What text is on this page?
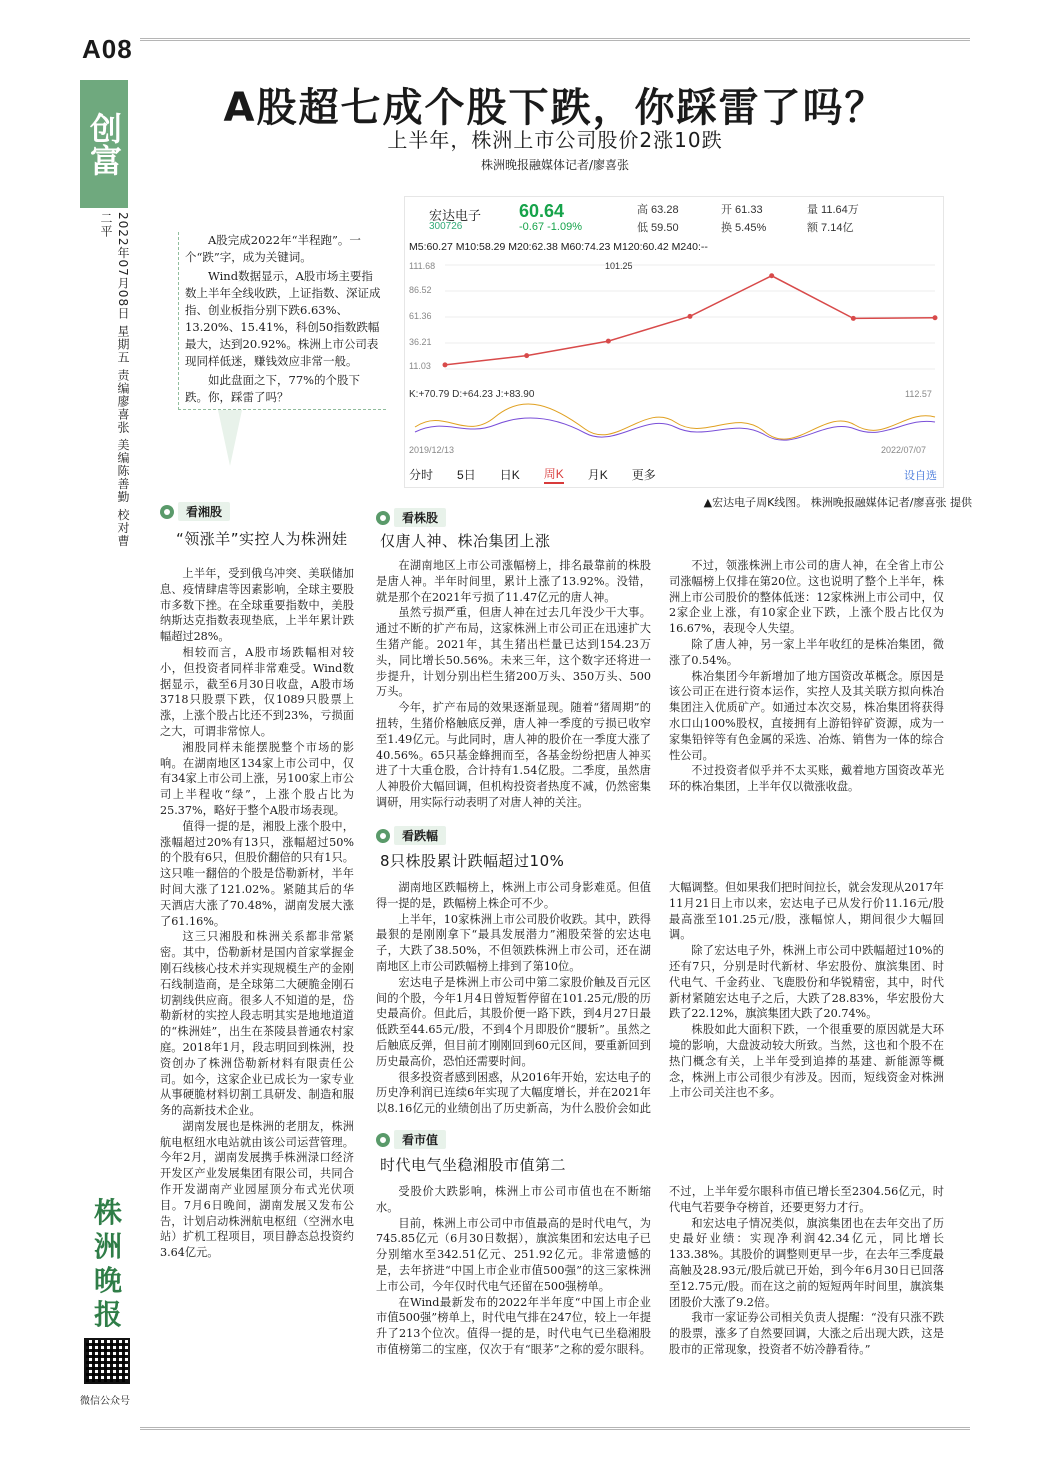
A08
创富
2022年07月08日 星期五 责编廖喜张 美编陈善勤 校对曹二平
A股超七成个股下跌，你踩雷了吗？
上半年，株洲上市公司股价2涨10跌
株洲晚报融媒体记者/廖喜张

A股完成2022年“半程跑”。一个“跌”字，成为关键词。

Wind数据显示，A股市场主要指数上半年全线收跌，上证指数、深证成指、创业板指分别下跌6.63%、13.20%、15.41%，科创50指数跌幅最大，达到20.92%。株洲上市公司表现同样低迷，赚钱效应非常一般。

如此盘面之下，77%的个股下跌。你，踩雷了吗？

宏达电子
300726
60.64
-0.67 -1.09%
高 63.28
低 59.50
开 61.33
换 5.45%
量 11.64万
额 7.14亿
M5:60.27 M10:58.29 M20:62.38 M60:74.23 M120:60.42 M240:--
111.68	101.25
86.52
61.36
36.21
11.03
K:+70.79 D:+64.23 J:+83.90	112.57
2019/12/13	2022/07/07
分时 5日 日K 周K 月K 更多	设自选
▲宏达电子周K线图。 株洲晚报融媒体记者/廖喜张 提供
看湘股
“领涨羊”实控人为株洲娃

上半年，受到俄乌冲突、美联储加息、疫情肆虐等因素影响，全球主要股市多数下挫。在全球重要指数中，美股纳斯达克指数表现垫底，上半年累计跌幅超过28%。

相较而言，A股市场跌幅相对较小，但投资者同样非常难受。Wind数据显示，截至6月30日收盘，A股市场3718只股票下跌，仅1089只股票上涨，上涨个股占比还不到23%，亏损面之大，可谓非常惊人。

湘股同样未能摆脱整个市场的影响。在湖南地区134家上市公司中，仅有34家上市公司上涨，另100家上市公司上半程收“绿”，上涨个股占比为25.37%，略好于整个A股市场表现。

值得一提的是，湘股上涨个股中，涨幅超过20%有13只，涨幅超过50%的个股有6只，但股价翻倍的只有1只。这只唯一翻倍的个股是岱勒新材，半年时间大涨了121.02%。紧随其后的华天酒店大涨了70.48%，湖南发展大涨了61.16%。

这三只湘股和株洲关系都非常紧密。其中，岱勒新材是国内首家掌握金刚石线核心技术并实现规模生产的金刚石线制造商，是全球第二大硬脆金刚石切割线供应商。很多人不知道的是，岱勒新材的实控人段志明其实是地地道道的“株洲娃”，出生在茶陵县普通农村家庭。2018年1月，段志明回到株洲，投资创办了株洲岱勒新材料有限责任公司。如今，这家企业已成长为一家专业从事硬脆材料切割工具研发、制造和服务的高新技术企业。

湖南发展也是株洲的老朋友，株洲航电枢纽水电站就由该公司运营管理。今年2月，湖南发展携手株洲渌口经济开发区产业发展集团有限公司，共同合作开发湖南产业园屋顶分布式光伏项目。7月6日晚间，湖南发展又发布公告，计划启动株洲航电枢纽（空洲水电站）扩机工程项目，项目静态总投资约3.64亿元。

看株股
仅唐人神、株冶集团上涨

在湖南地区上市公司涨幅榜上，排名最靠前的株股是唐人神。半年时间里，累计上涨了13.92%。没错，就是那个在2021年亏损了11.47亿元的唐人神。

虽然亏损严重，但唐人神在过去几年没少干大事。通过不断的扩产布局，这家株洲上市公司正在迅速扩大生猪产能。2021年，其生猪出栏量已达到154.23万头，同比增长50.56%。未来三年，这个数字还将进一步提升，计划分别出栏生猪200万头、350万头、500万头。

今年，扩产布局的效果逐渐显现。随着“猪周期”的扭转，生猪价格触底反弹，唐人神一季度的亏损已收窄至1.49亿元。与此同时，唐人神的股价在一季度大涨了40.56%。65只基金蜂拥而至，各基金纷纷把唐人神买进了十大重仓股，合计持有1.54亿股。二季度，虽然唐人神股价大幅回调，但机构投资者热度不减，仍然密集调研，用实际行动表明了对唐人神的关注。

不过，领涨株洲上市公司的唐人神，在全省上市公司涨幅榜上仅排在第20位。这也说明了整个上半年，株洲上市公司股价的整体低迷：12家株洲上市公司中，仅2家企业上涨，有10家企业下跌，上涨个股占比仅为16.67%，表现令人失望。

除了唐人神，另一家上半年收红的是株冶集团，微涨了0.54%。

株冶集团今年新增加了地方国资改革概念。原因是该公司正在进行资本运作，实控人及其关联方拟向株冶集团注入优质矿产。如通过本次交易，株冶集团将获得水口山100%股权，直接拥有上游铅锌矿资源，成为一家集铅锌等有色金属的采选、冶炼、销售为一体的综合性公司。

不过投资者似乎并不太买账，戴着地方国资改革光环的株冶集团，上半年仅以微涨收盘。

看跌幅
8只株股累计跌幅超过10%

湖南地区跌幅榜上，株洲上市公司身影难觅。但值得一提的是，跌幅榜上株企可不少。

上半年，10家株洲上市公司股价收跌。其中，跌得最狠的是刚刚拿下“最具发展潜力”湘股荣誉的宏达电子，大跌了38.50%，不但领跌株洲上市公司，还在湖南地区上市公司跌幅榜上排到了第10位。

宏达电子是株洲上市公司中第二家股价触及百元区间的个股，今年1月4日曾短暂停留在101.25元/股的历史最高价。但此后，其股价便一路下跌，到4月27日最低跌至44.65元/股，不到4个月即股价“腰斩”。虽然之后触底反弹，但目前才刚刚回到60元区间，要重新回到历史最高价，恐怕还需要时间。

很多投资者感到困惑，从2016年开始，宏达电子的历史净利润已连续6年实现了大幅度增长，并在2021年以8.16亿元的业绩创出了历史新高，为什么股价会如此大幅调整。但如果我们把时间拉长，就会发现从2017年11月21日上市以来，宏达电子已从发行价11.16元/股最高涨至101.25元/股，涨幅惊人，期间很少大幅回调。

除了宏达电子外，株洲上市公司中跌幅超过10%的还有7只，分别是时代新材、华宏股份、旗滨集团、时代电气、千金药业、飞鹿股份和华锐精密，其中，时代新材紧随宏达电子之后，大跌了28.83%，华宏股份大跌了22.12%，旗滨集团大跌了20.74%。

株股如此大面积下跌，一个很重要的原因就是大环境的影响，大盘波动较大所致。当然，这也和个股不在热门概念有关，上半年受到追捧的基建、新能源等概念，株洲上市公司很少有涉及。因而，短线资金对株洲上市公司关注也不多。

看市值
时代电气坐稳湘股市值第二

受股价大跌影响，株洲上市公司市值也在不断缩水。

目前，株洲上市公司中市值最高的是时代电气，为745.85亿元（6月30日数据），旗滨集团和宏达电子已分别缩水至342.51亿元、251.92亿元。非常遗憾的是，去年挤进“中国上市企业市值500强”的这三家株洲上市公司，今年仅时代电气还留在500强榜单。

在Wind最新发布的2022年半年度“中国上市企业市值500强”榜单上，时代电气排在247位，较上一年提升了213个位次。值得一提的是，时代电气已坐稳湘股市值榜第二的宝座，仅次于有“眼茅”之称的爱尔眼科。不过，上半年爱尔眼科市值已增长至2304.56亿元，时代电气若要争夺榜首，还要更努力才行。

和宏达电子情况类似，旗滨集团也在去年交出了历史最好业绩：实现净利润42.34亿元，同比增长133.38%。其股价的调整则更早一步，在去年三季度最高触及28.93元/股后就已开始，到今年6月30日已回落至12.75元/股。而在这之前的短短两年时间里，旗滨集团股价大涨了9.2倍。

我市一家证券公司相关负责人提醒：“没有只涨不跌的股票，涨多了自然要回调，大涨之后出现大跌，这是股市的正常现象，投资者不妨冷静看待。”

株洲晚报
微信公众号
